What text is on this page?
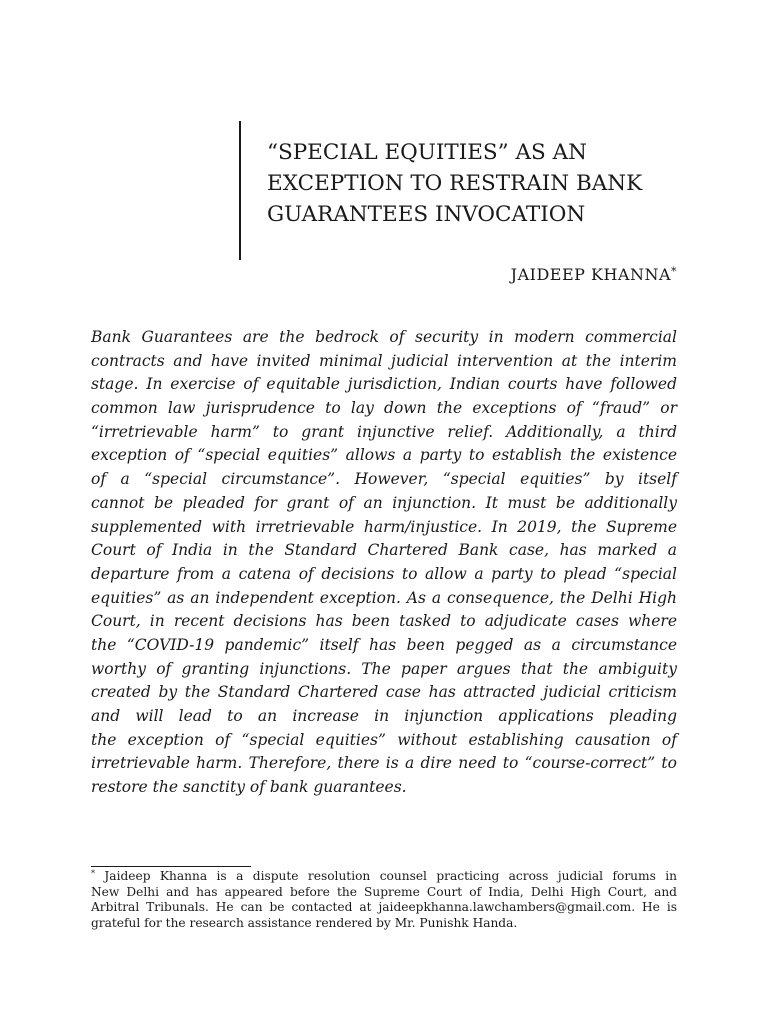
“SPECIAL EQUITIES” AS AN
EXCEPTION TO RESTRAIN BANK
GUARANTEES INVOCATION
JAIDEEP KHANNA*
Bank Guarantees are the bedrock of security in modern commercial
contracts and have invited minimal judicial intervention at the interim
stage. In exercise of equitable jurisdiction, Indian courts have followed
common law jurisprudence to lay down the exceptions of “fraud” or
“irretrievable harm” to grant injunctive relief. Additionally, a third
exception of “special equities” allows a party to establish the existence
of a “special circumstance”. However, “special equities” by itself
cannot be pleaded for grant of an injunction. It must be additionally
supplemented with irretrievable harm/injustice. In 2019, the Supreme
Court of India in the Standard Chartered Bank case, has marked a
departure from a catena of decisions to allow a party to plead “special
equities” as an independent exception. As a consequence, the Delhi High
Court, in recent decisions has been tasked to adjudicate cases where
the “COVID-19 pandemic” itself has been pegged as a circumstance
worthy of granting injunctions. The paper argues that the ambiguity
created by the Standard Chartered case has attracted judicial criticism
and will lead to an increase in injunction applications pleading
the exception of “special equities” without establishing causation of
irretrievable harm. Therefore, there is a dire need to “course-correct” to
restore the sanctity of bank guarantees.
* Jaideep Khanna is a dispute resolution counsel practicing across judicial forums in
New Delhi and has appeared before the Supreme Court of India, Delhi High Court, and
Arbitral Tribunals. He can be contacted at jaideepkhanna.lawchambers@gmail.com. He is
grateful for the research assistance rendered by Mr. Punishk Handa.
